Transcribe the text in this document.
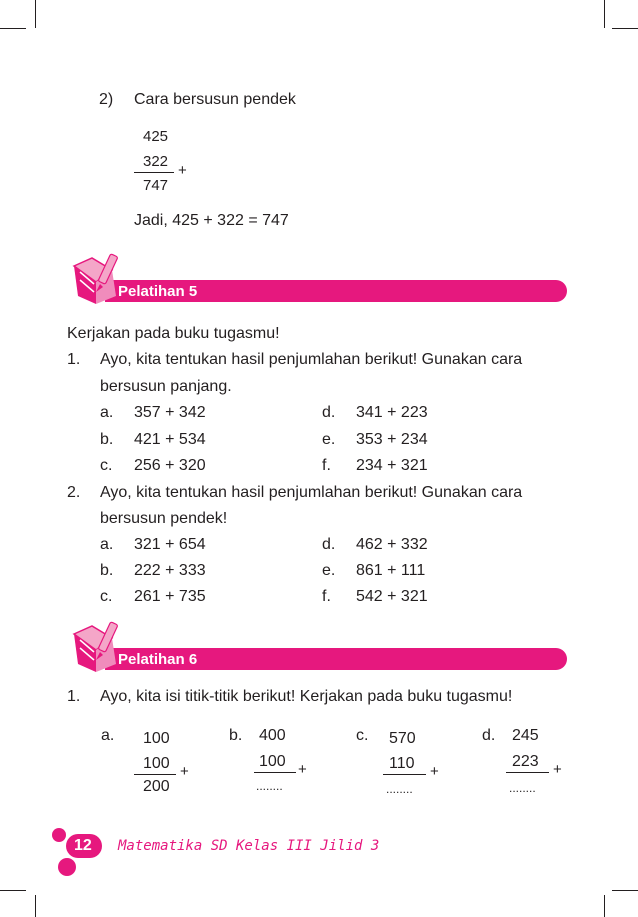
2) Cara bersusun pendek
425
322
+
747
Jadi, 425 + 322 = 747
Pelatihan 5
Kerjakan pada buku tugasmu!
1. Ayo, kita tentukan hasil penjumlahan berikut! Gunakan cara
bersusun panjang.
a. 357 + 342
b. 421 + 534
c. 256 + 320
d. 341 + 223
e. 353 + 234
f. 234 + 321
2. Ayo, kita tentukan hasil penjumlahan berikut! Gunakan cara
bersusun pendek!
a. 321 + 654
b. 222 + 333
c. 261 + 735
d. 462 + 332
e. 861 + 111
f. 542 + 321
Pelatihan 6
1. Ayo, kita isi titik-titik berikut! Kerjakan pada buku tugasmu!
a. 100
100 +
200
b. 400
100 +
........
c. 570
110 +
........
d. 245
223 +
........
12 Matematika SD Kelas III Jilid 3
